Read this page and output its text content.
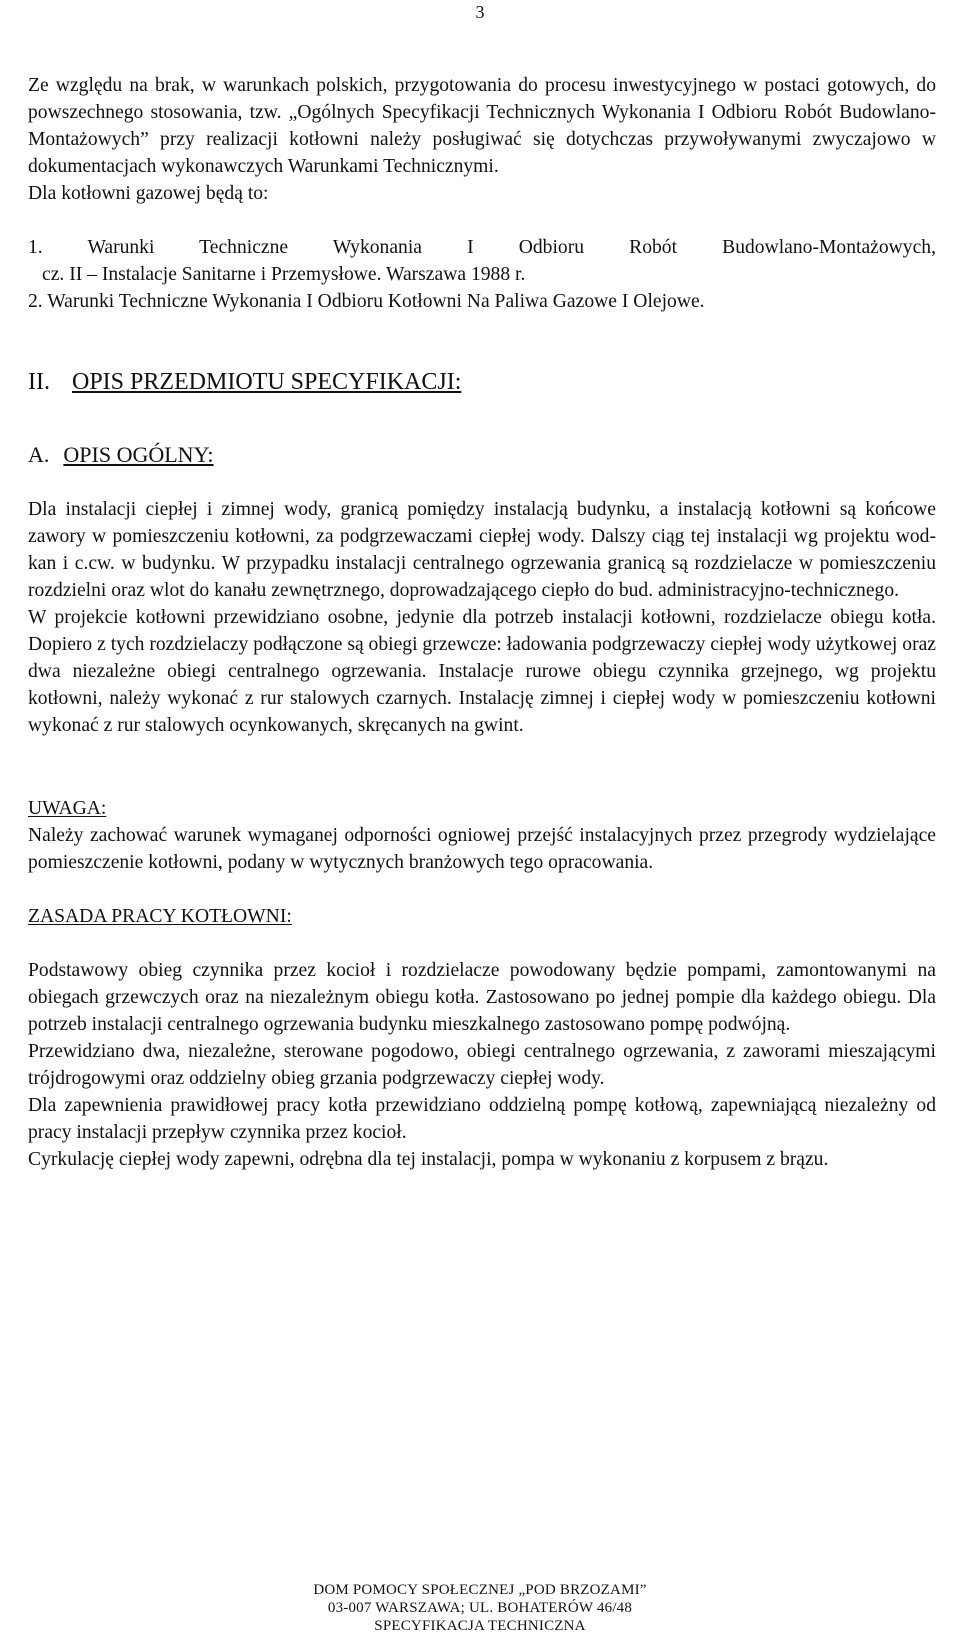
3

Ze względu na brak, w warunkach polskich, przygotowania do procesu inwestycyjnego w postaci gotowych, do powszechnego stosowania, tzw. „Ogólnych Specyfikacji Technicznych Wykonania I Odbioru Robót Budowlano-Montażowych” przy realizacji kotłowni należy posługiwać się dotychczas przywoływanymi zwyczajowo w dokumentacjach wykonawczych Warunkami Technicznymi.

Dla kotłowni gazowej będą to:

1. Warunki Techniczne Wykonania I Odbioru Robót Budowlano-Montażowych,
cz. II – Instalacje Sanitarne i Przemysłowe. Warszawa 1988 r.
2. Warunki Techniczne Wykonania I Odbioru Kotłowni Na Paliwa Gazowe I Olejowe.
II. OPIS PRZEDMIOTU SPECYFIKACJI:
A. OPIS OGÓLNY:

Dla instalacji ciepłej i zimnej wody, granicą pomiędzy instalacją budynku, a instalacją kotłowni są końcowe zawory w pomieszczeniu kotłowni, za podgrzewaczami ciepłej wody. Dalszy ciąg tej instalacji wg projektu wod-kan i c.cw. w budynku. W przypadku instalacji centralnego ogrzewania granicą są rozdzielacze w pomieszczeniu rozdzielni oraz wlot do kanału zewnętrznego, doprowadzającego ciepło do bud. administracyjno-technicznego.

W projekcie kotłowni przewidziano osobne, jedynie dla potrzeb instalacji kotłowni, rozdzielacze obiegu kotła. Dopiero z tych rozdzielaczy podłączone są obiegi grzewcze: ładowania podgrzewaczy ciepłej wody użytkowej oraz dwa niezależne obiegi centralnego ogrzewania. Instalacje rurowe obiegu czynnika grzejnego, wg projektu kotłowni, należy wykonać z rur stalowych czarnych. Instalację zimnej i ciepłej wody w pomieszczeniu kotłowni wykonać z rur stalowych ocynkowanych, skręcanych na gwint.

UWAGA:

Należy zachować warunek wymaganej odporności ogniowej przejść instalacyjnych przez przegrody wydzielające pomieszczenie kotłowni, podany w wytycznych branżowych tego opracowania.

ZASADA PRACY KOTŁOWNI:

Podstawowy obieg czynnika przez kocioł i rozdzielacze powodowany będzie pompami, zamontowanymi na obiegach grzewczych oraz na niezależnym obiegu kotła. Zastosowano po jednej pompie dla każdego obiegu. Dla potrzeb instalacji centralnego ogrzewania budynku mieszkalnego zastosowano pompę podwójną.

Przewidziano dwa, niezależne, sterowane pogodowo, obiegi centralnego ogrzewania, z zaworami mieszającymi trójdrogowymi oraz oddzielny obieg grzania podgrzewaczy ciepłej wody.

Dla zapewnienia prawidłowej pracy kotła przewidziano oddzielną pompę kotłową, zapewniającą niezależny od pracy instalacji przepływ czynnika przez kocioł.

Cyrkulację ciepłej wody zapewni, odrębna dla tej instalacji, pompa w wykonaniu z korpusem z brązu.

DOM POMOCY SPOŁECZNEJ „POD BRZOZAMI”
03-007 WARSZAWA; UL. BOHATERÓW 46/48
SPECYFIKACJA TECHNICZNA
